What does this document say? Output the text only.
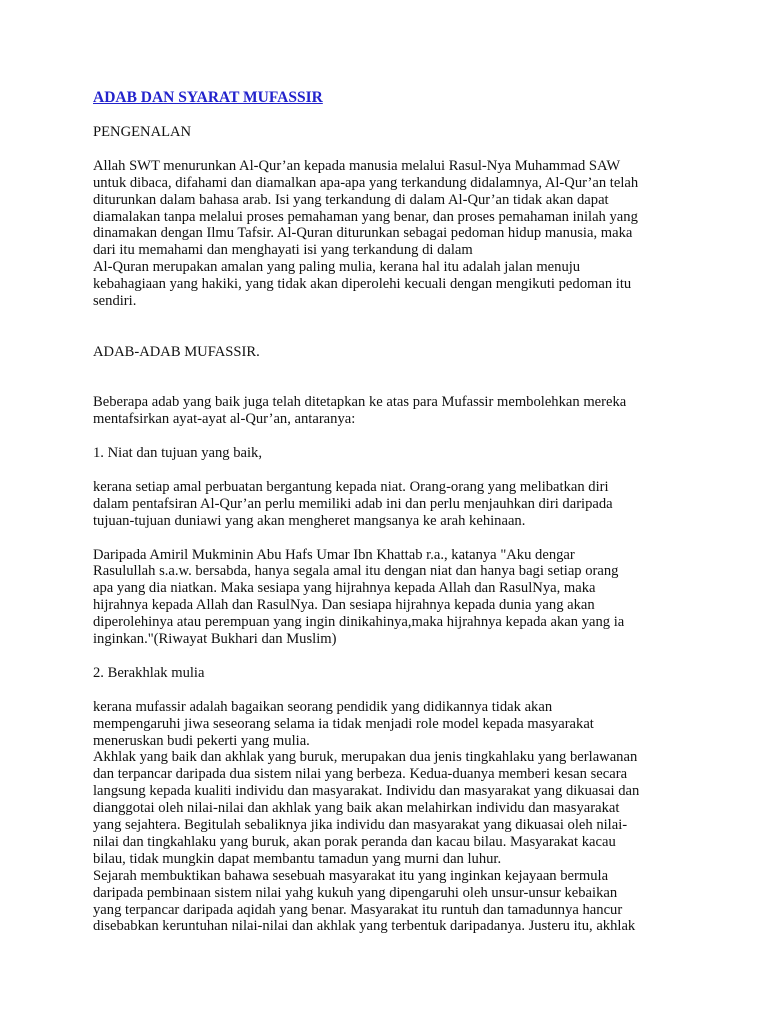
ADAB DAN SYARAT MUFASSIR

PENGENALAN

Allah SWT menurunkan Al-Qur’an kepada manusia melalui Rasul-Nya Muhammad SAW
untuk dibaca, difahami dan diamalkan apa-apa yang terkandung didalamnya, Al-Qur’an telah
diturunkan dalam bahasa arab. Isi yang terkandung di dalam Al-Qur’an tidak akan dapat
diamalakan tanpa melalui proses pemahaman yang benar, dan proses pemahaman inilah yang
dinamakan dengan Ilmu Tafsir. Al-Quran diturunkan sebagai pedoman hidup manusia, maka
dari itu memahami dan menghayati isi yang terkandung di dalam
Al-Quran merupakan amalan yang paling mulia, kerana hal itu adalah jalan menuju
kebahagiaan yang hakiki, yang tidak akan diperolehi kecuali dengan mengikuti pedoman itu
sendiri.

ADAB-ADAB MUFASSIR.

Beberapa adab yang baik juga telah ditetapkan ke atas para Mufassir membolehkan mereka
mentafsirkan ayat-ayat al-Qur’an, antaranya:

1. Niat dan tujuan yang baik,

kerana setiap amal perbuatan bergantung kepada niat. Orang-orang yang melibatkan diri
dalam pentafsiran Al-Qur’an perlu memiliki adab ini dan perlu menjauhkan diri daripada
tujuan-tujuan duniawi yang akan mengheret mangsanya ke arah kehinaan.

Daripada Amiril Mukminin Abu Hafs Umar Ibn Khattab r.a., katanya "Aku dengar
Rasulullah s.a.w. bersabda, hanya segala amal itu dengan niat dan hanya bagi setiap orang
apa yang dia niatkan. Maka sesiapa yang hijrahnya kepada Allah dan RasulNya, maka
hijrahnya kepada Allah dan RasulNya. Dan sesiapa hijrahnya kepada dunia yang akan
diperolehinya atau perempuan yang ingin dinikahinya,maka hijrahnya kepada akan yang ia
inginkan."(Riwayat Bukhari dan Muslim)

2. Berakhlak mulia

kerana mufassir adalah bagaikan seorang pendidik yang didikannya tidak akan
mempengaruhi jiwa seseorang selama ia tidak menjadi role model kepada masyarakat
meneruskan budi pekerti yang mulia.
Akhlak yang baik dan akhlak yang buruk, merupakan dua jenis tingkahlaku yang berlawanan
dan terpancar daripada dua sistem nilai yang berbeza. Kedua-duanya memberi kesan secara
langsung kepada kualiti individu dan masyarakat. Individu dan masyarakat yang dikuasai dan
dianggotai oleh nilai-nilai dan akhlak yang baik akan melahirkan individu dan masyarakat
yang sejahtera. Begitulah sebaliknya jika individu dan masyarakat yang dikuasai oleh nilai-
nilai dan tingkahlaku yang buruk, akan porak peranda dan kacau bilau. Masyarakat kacau
bilau, tidak mungkin dapat membantu tamadun yang murni dan luhur.
Sejarah membuktikan bahawa sesebuah masyarakat itu yang inginkan kejayaan bermula
daripada pembinaan sistem nilai yahg kukuh yang dipengaruhi oleh unsur-unsur kebaikan
yang terpancar daripada aqidah yang benar. Masyarakat itu runtuh dan tamadunnya hancur
disebabkan keruntuhan nilai-nilai dan akhlak yang terbentuk daripadanya. Justeru itu, akhlak
